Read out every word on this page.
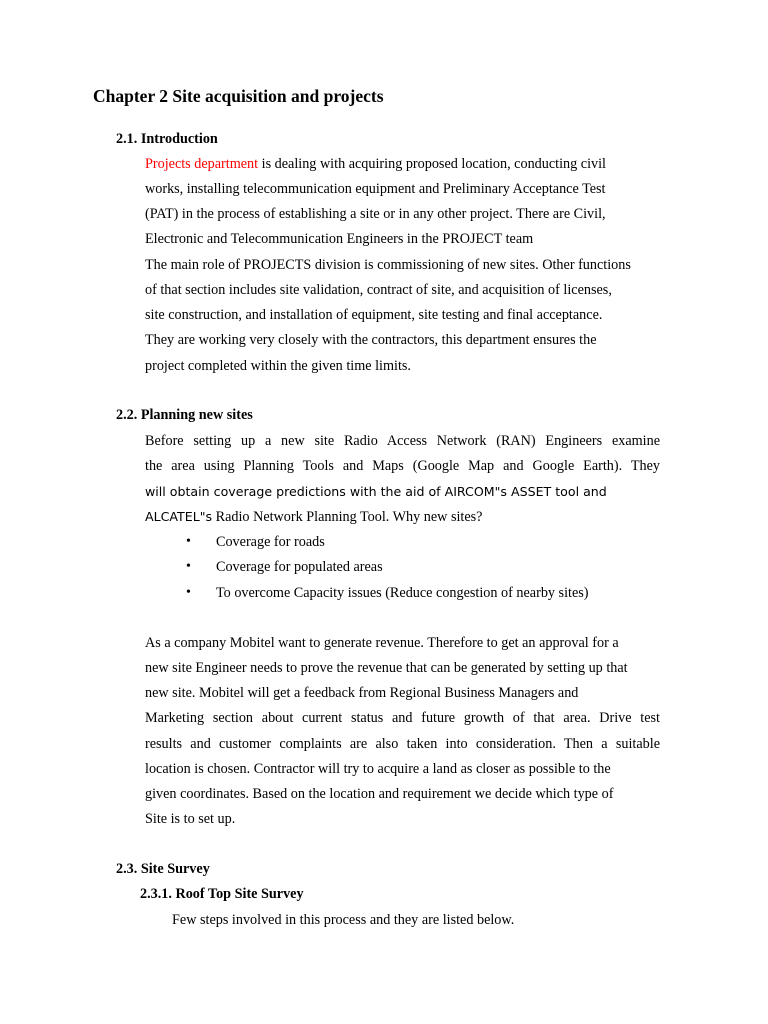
Chapter 2 Site acquisition and projects
2.1. Introduction
Projects department is dealing with acquiring proposed location, conducting civil
works, installing telecommunication equipment and Preliminary Acceptance Test
(PAT) in the process of establishing a site or in any other project. There are Civil,
Electronic and Telecommunication Engineers in the PROJECT team
The main role of PROJECTS division is commissioning of new sites. Other functions
of that section includes site validation, contract of site, and acquisition of licenses,
site construction, and installation of equipment, site testing and final acceptance.
They are working very closely with the contractors, this department ensures the
project completed within the given time limits.
2.2. Planning new sites
Before setting up a new site Radio Access Network (RAN) Engineers examine
the area using Planning Tools and Maps (Google Map and Google Earth). They
will obtain coverage predictions with the aid of AIRCOM"s ASSET tool and
ALCATEL"s Radio Network Planning Tool. Why new sites?
• Coverage for roads
• Coverage for populated areas
• To overcome Capacity issues (Reduce congestion of nearby sites)
As a company Mobitel want to generate revenue. Therefore to get an approval for a
new site Engineer needs to prove the revenue that can be generated by setting up that
new site. Mobitel will get a feedback from Regional Business Managers and
Marketing section about current status and future growth of that area. Drive test
results and customer complaints are also taken into consideration. Then a suitable
location is chosen. Contractor will try to acquire a land as closer as possible to the
given coordinates. Based on the location and requirement we decide which type of
Site is to set up.
2.3. Site Survey
2.3.1. Roof Top Site Survey
Few steps involved in this process and they are listed below.
